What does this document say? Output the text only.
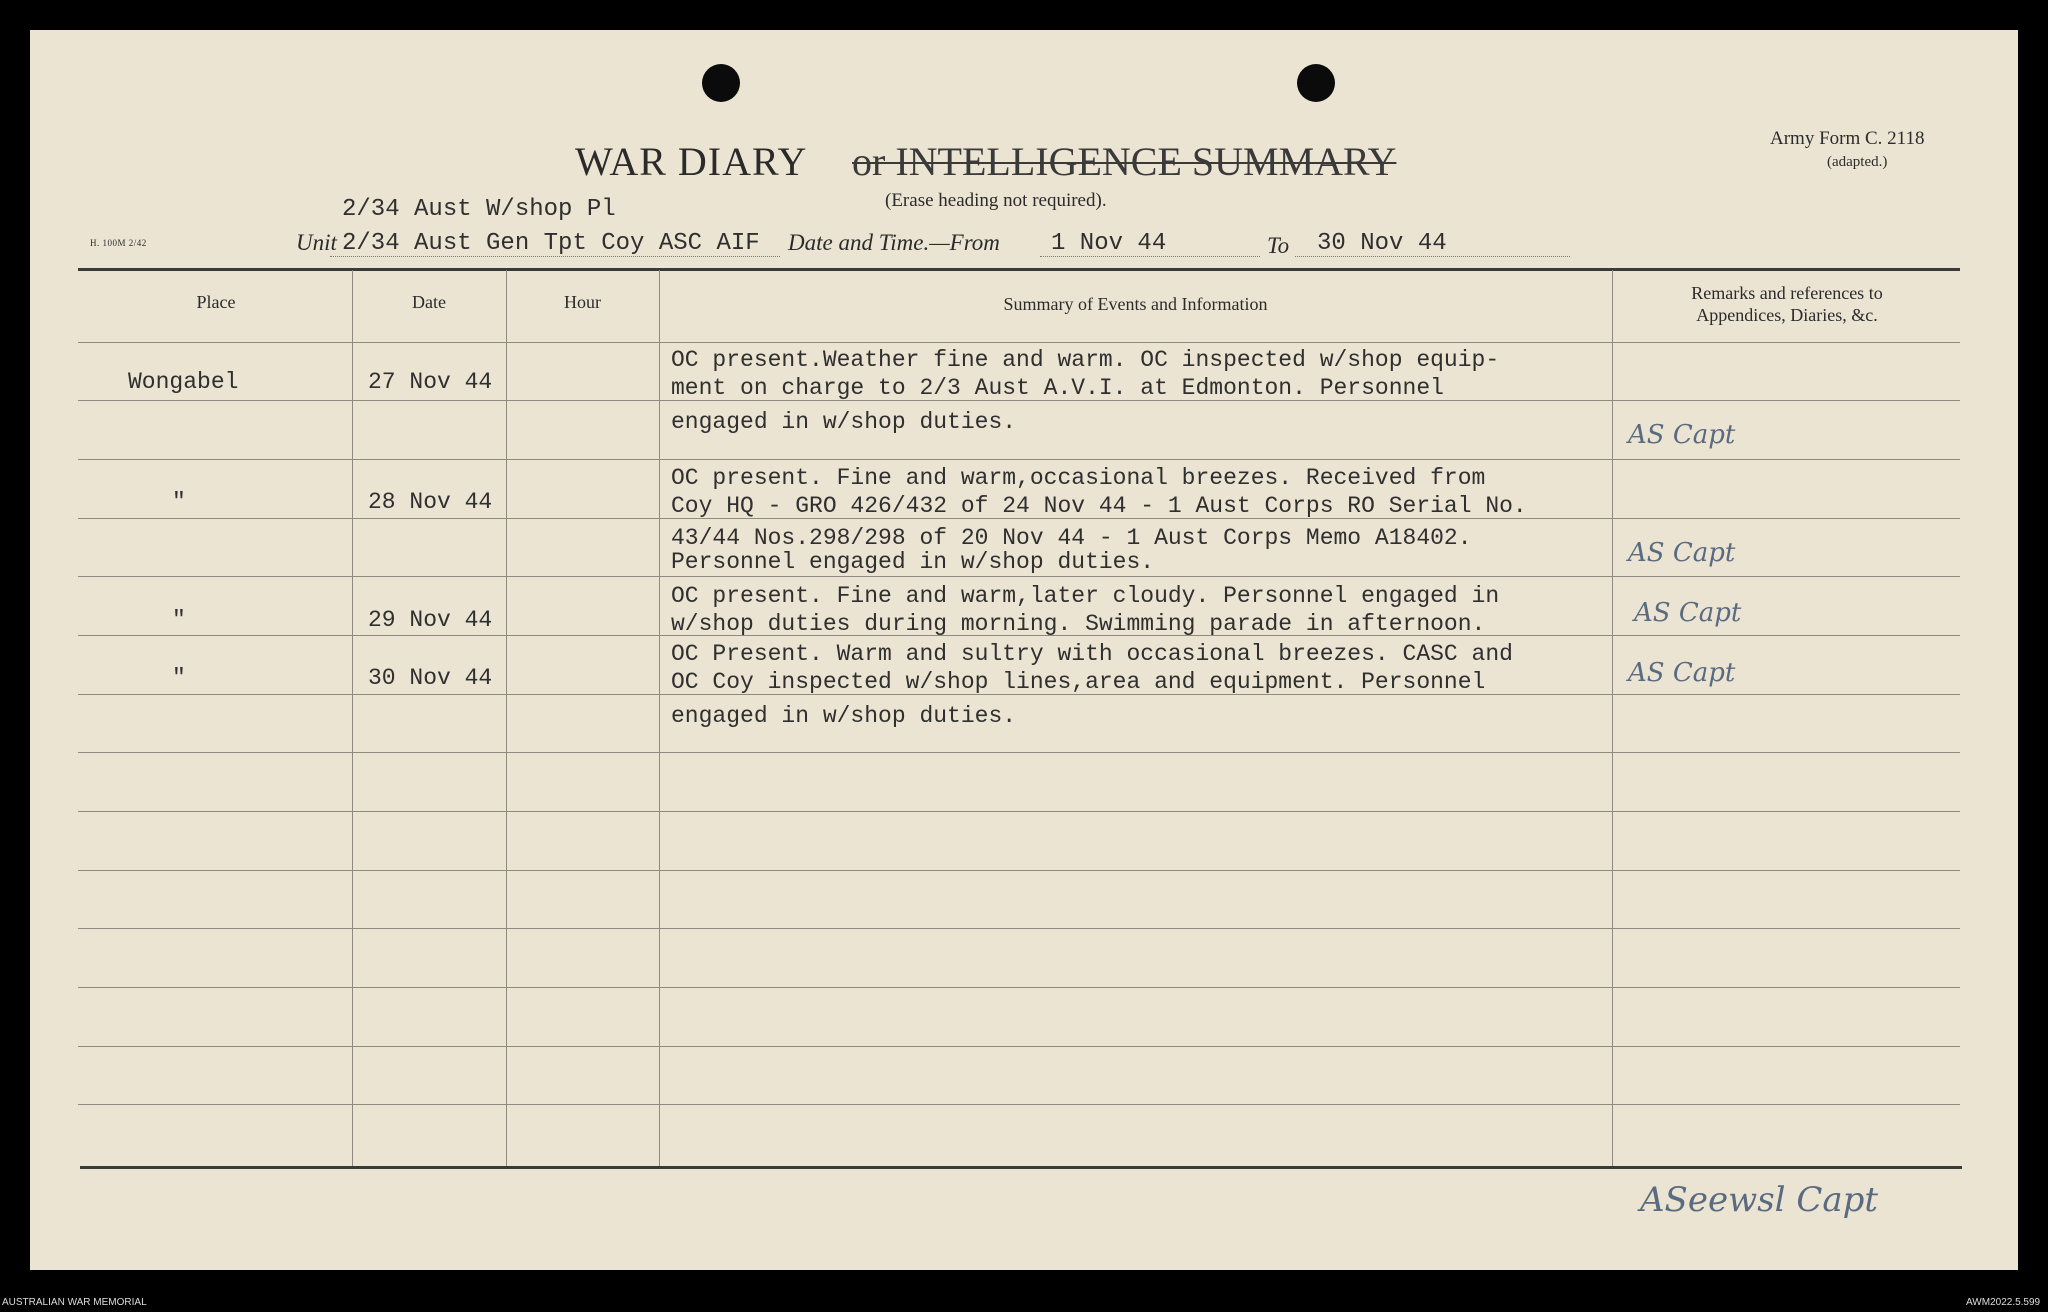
WAR DIARY or INTELLIGENCE SUMMARY
(Erase heading not required).
Army Form C. 2118
(adapted.)
H. 100M 2/42
2/34 Aust W/shop Pl
Unit 2/34 Aust Gen Tpt Coy ASC AIF Date and Time.—From 1 Nov 44	To 30 Nov 44
Place	Date	Hour	Summary of Events and Information
Remarks and references to
Appendices, Diaries, &c.
Wongabel	27 Nov 44
OC present.Weather fine and warm. OC inspected w/shop equip-
ment on charge to 2/3 Aust A.V.I. at Edmonton. Personnel
engaged in w/shop duties.	AS Capt
"	28 Nov 44
OC present. Fine and warm,occasional breezes. Received from
Coy HQ - GRO 426/432 of 24 Nov 44 - 1 Aust Corps RO Serial No.
43/44 Nos.298/298 of 20 Nov 44 - 1 Aust Corps Memo A18402.
Personnel engaged in w/shop duties.	AS Capt
"	29 Nov 44
OC present. Fine and warm,later cloudy. Personnel engaged in
w/shop duties during morning. Swimming parade in afternoon.	AS Capt
"	30 Nov 44
OC Present. Warm and sultry with occasional breezes. CASC and
OC Coy inspected w/shop lines,area and equipment. Personnel
engaged in w/shop duties.
AS Capt
ASeewsl Capt
AUSTRALIAN WAR MEMORIAL	AWM2022.5.599
